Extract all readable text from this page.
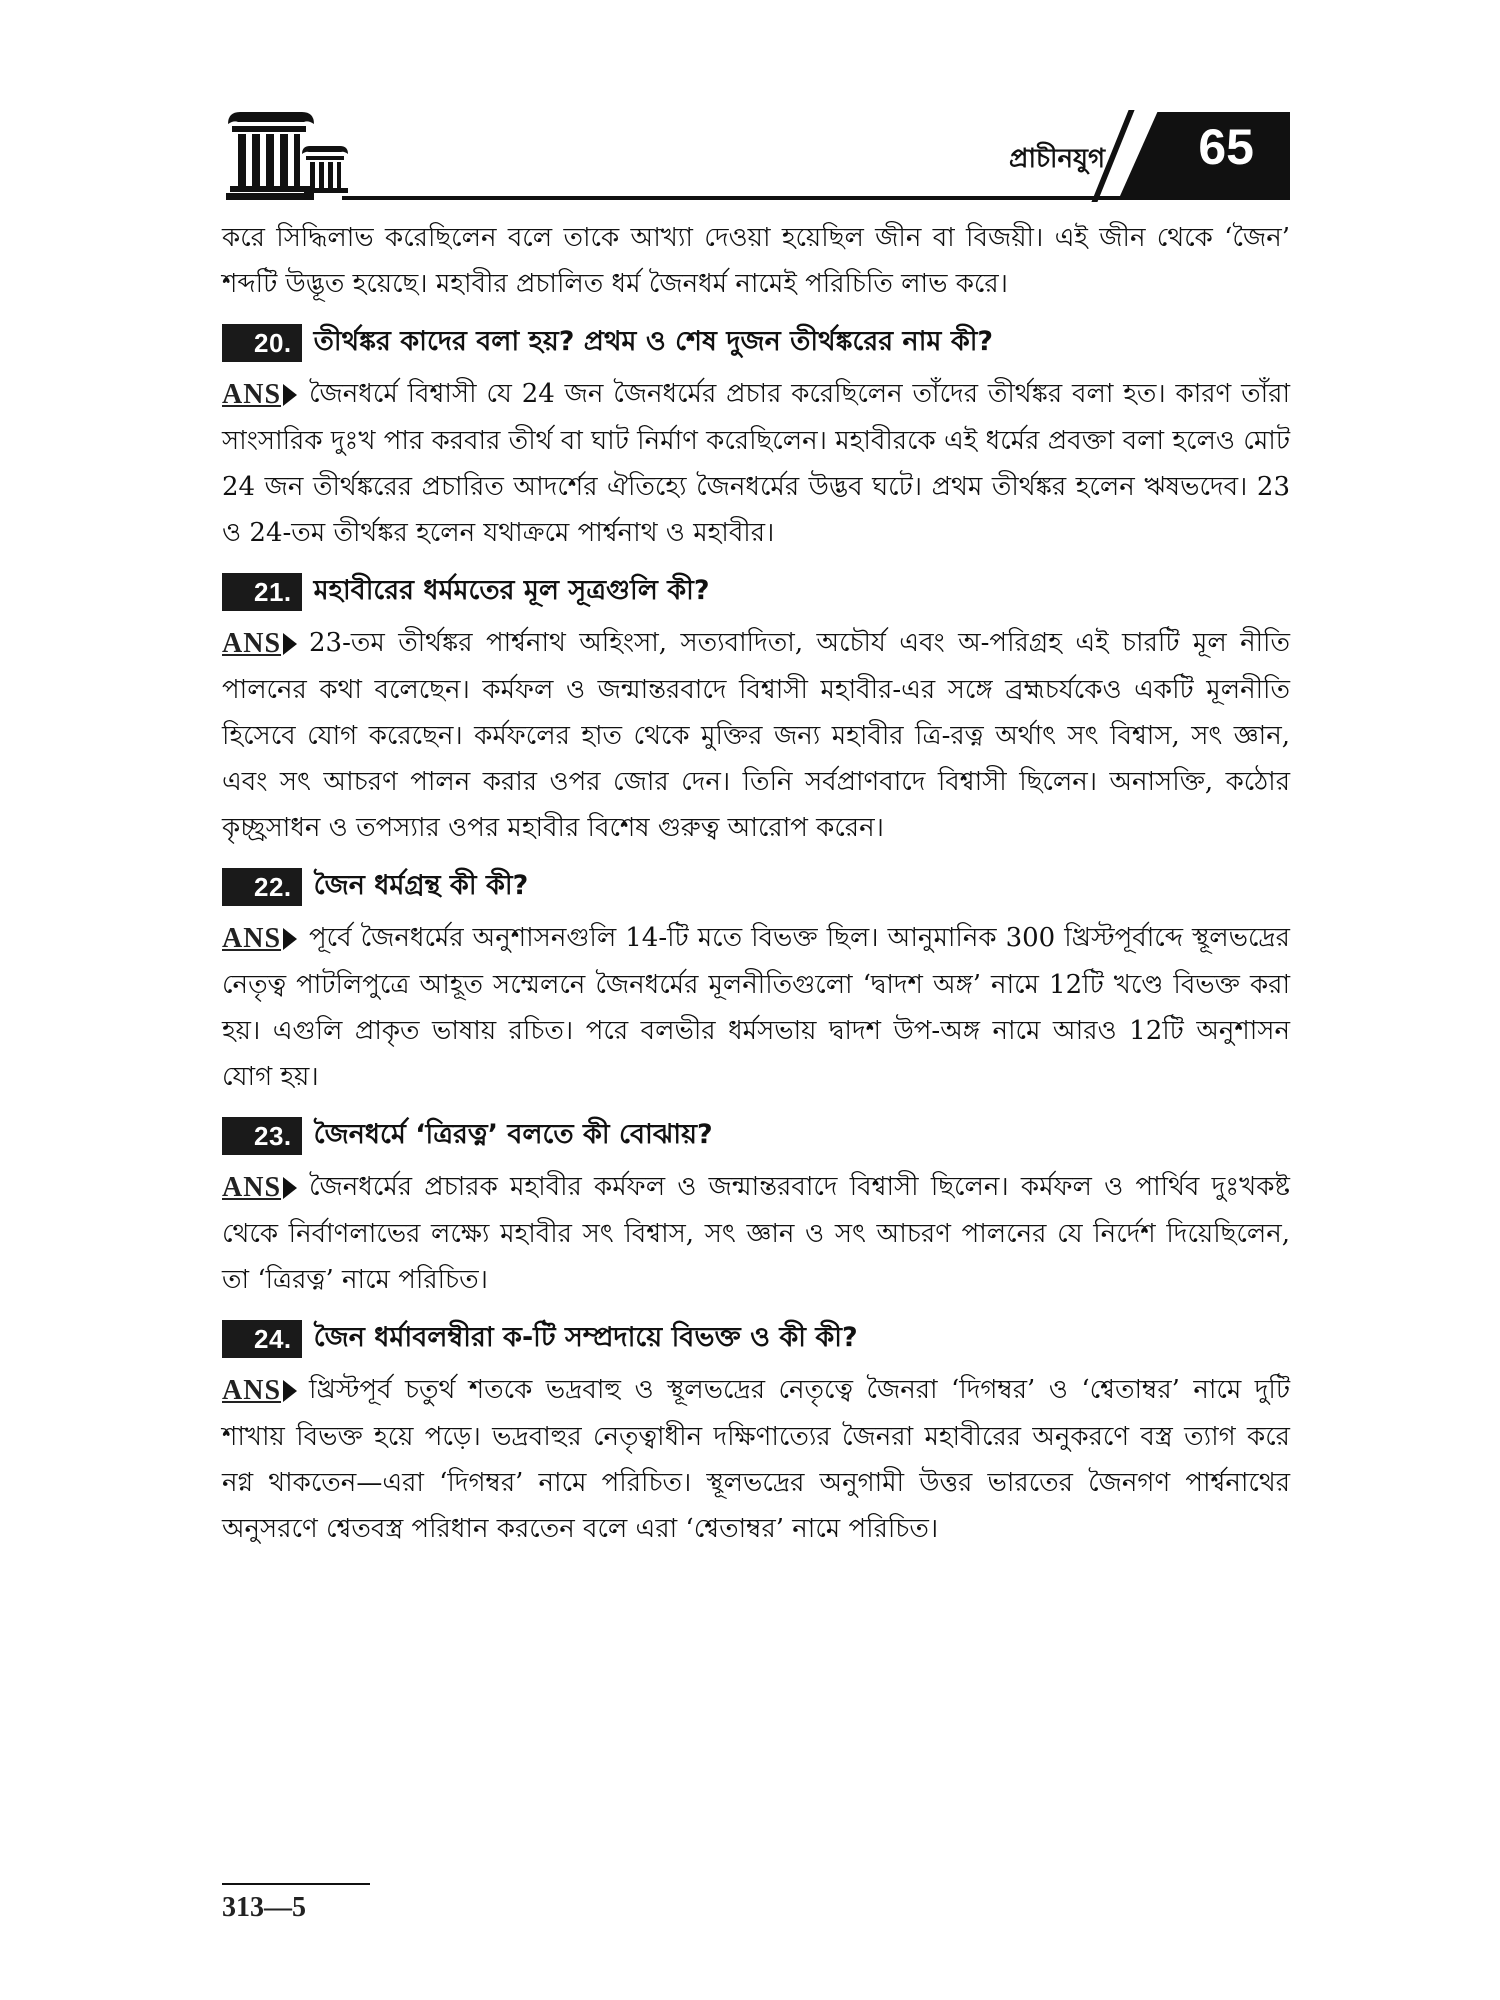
প্রাচীনযুগ 65

করে সিদ্ধিলাভ করেছিলেন বলে তাকে আখ্যা দেওয়া হয়েছিল জীন বা বিজয়ী। এই জীন থেকে ‘জৈন’ শব্দটি উদ্ভূত হয়েছে। মহাবীর প্রচালিত ধর্ম জৈনধর্ম নামেই পরিচিতি লাভ করে।

20. তীর্থঙ্কর কাদের বলা হয়? প্রথম ও শেষ দুজন তীর্থঙ্করের নাম কী?

ANS জৈনধর্মে বিশ্বাসী যে 24 জন জৈনধর্মের প্রচার করেছিলেন তাঁদের তীর্থঙ্কর বলা হত। কারণ তাঁরা সাংসারিক দুঃখ পার করবার তীর্থ বা ঘাট নির্মাণ করেছিলেন। মহাবীরকে এই ধর্মের প্রবক্তা বলা হলেও মোট 24 জন তীর্থঙ্করের প্রচারিত আদর্শের ঐতিহ্যে জৈনধর্মের উদ্ভব ঘটে। প্রথম তীর্থঙ্কর হলেন ঋষভদেব। 23 ও 24-তম তীর্থঙ্কর হলেন যথাক্রমে পার্শ্বনাথ ও মহাবীর।

21. মহাবীরের ধর্মমতের মূল সূত্রগুলি কী?

ANS 23-তম তীর্থঙ্কর পার্শ্বনাথ অহিংসা, সত্যবাদিতা, অচৌর্য এবং অ-পরিগ্রহ এই চারটি মূল নীতি পালনের কথা বলেছেন। কর্মফল ও জন্মান্তরবাদে বিশ্বাসী মহাবীর-এর সঙ্গে ব্রহ্মচর্যকেও একটি মূলনীতি হিসেবে যোগ করেছেন। কর্মফলের হাত থেকে মুক্তির জন্য মহাবীর ত্রি-রত্ন অর্থাৎ সৎ বিশ্বাস, সৎ জ্ঞান, এবং সৎ আচরণ পালন করার ওপর জোর দেন। তিনি সর্বপ্রাণবাদে বিশ্বাসী ছিলেন। অনাসক্তি, কঠোর কৃচ্ছ্রসাধন ও তপস্যার ওপর মহাবীর বিশেষ গুরুত্ব আরোপ করেন।

22. জৈন ধর্মগ্রন্থ কী কী?

ANS পূর্বে জৈনধর্মের অনুশাসনগুলি 14-টি মতে বিভক্ত ছিল। আনুমানিক 300 খ্রিস্টপূর্বাব্দে স্থূলভদ্রের নেতৃত্ব পাটলিপুত্রে আহূত সম্মেলনে জৈনধর্মের মূলনীতিগুলো ‘দ্বাদশ অঙ্গ’ নামে 12টি খণ্ডে বিভক্ত করা হয়। এগুলি প্রাকৃত ভাষায় রচিত। পরে বলভীর ধর্মসভায় দ্বাদশ উপ-অঙ্গ নামে আরও 12টি অনুশাসন যোগ হয়।

23. জৈনধর্মে ‘ত্রিরত্ন’ বলতে কী বোঝায়?

ANS জৈনধর্মের প্রচারক মহাবীর কর্মফল ও জন্মান্তরবাদে বিশ্বাসী ছিলেন। কর্মফল ও পার্থিব দুঃখকষ্ট থেকে নির্বাণলাভের লক্ষ্যে মহাবীর সৎ বিশ্বাস, সৎ জ্ঞান ও সৎ আচরণ পালনের যে নির্দেশ দিয়েছিলেন, তা ‘ত্রিরত্ন’ নামে পরিচিত।

24. জৈন ধর্মাবলম্বীরা ক-টি সম্প্রদায়ে বিভক্ত ও কী কী?

ANS খ্রিস্টপূর্ব চতুর্থ শতকে ভদ্রবাহু ও স্থূলভদ্রের নেতৃত্বে জৈনরা ‘দিগম্বর’ ও ‘শ্বেতাম্বর’ নামে দুটি শাখায় বিভক্ত হয়ে পড়ে। ভদ্রবাহুর নেতৃত্বাধীন দক্ষিণাত্যের জৈনরা মহাবীরের অনুকরণে বস্ত্র ত্যাগ করে নগ্ন থাকতেন—এরা ‘দিগম্বর’ নামে পরিচিত। স্থূলভদ্রের অনুগামী উত্তর ভারতের জৈনগণ পার্শ্বনাথের অনুসরণে শ্বেতবস্ত্র পরিধান করতেন বলে এরা ‘শ্বেতাম্বর’ নামে পরিচিত।

313—5
